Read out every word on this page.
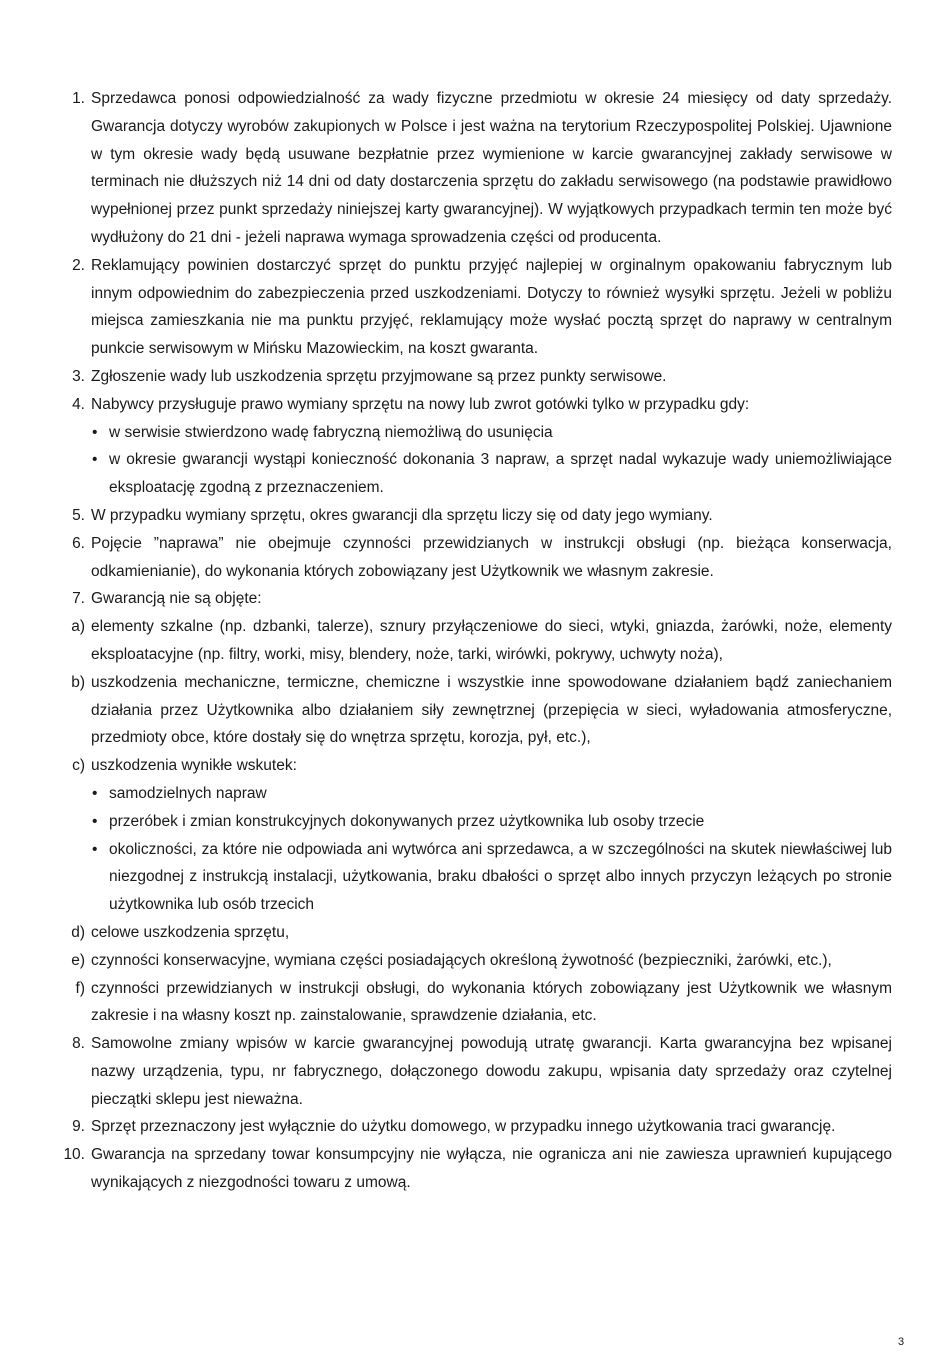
1. Sprzedawca ponosi odpowiedzialność za wady fizyczne przedmiotu w okresie 24 miesięcy od daty sprzedaży. Gwarancja dotyczy wyrobów zakupionych w Polsce i jest ważna na terytorium Rzeczypospolitej Polskiej. Ujawnione w tym okresie wady będą usuwane bezpłatnie przez wymienione w karcie gwarancyjnej zakłady serwisowe w terminach nie dłuższych niż 14 dni od daty dostarczenia sprzętu do zakładu serwisowego (na podstawie prawidłowo wypełnionej przez punkt sprzedaży niniejszej karty gwarancyjnej). W wyjątkowych przypadkach termin ten może być wydłużony do 21 dni - jeżeli naprawa wymaga sprowadzenia części od producenta.
2. Reklamujący powinien dostarczyć sprzęt do punktu przyjęć najlepiej w orginalnym opakowaniu fabrycznym lub innym odpowiednim do zabezpieczenia przed uszkodzeniami. Dotyczy to również wysyłki sprzętu. Jeżeli w pobliżu miejsca zamieszkania nie ma punktu przyjęć, reklamujący może wysłać pocztą sprzęt do naprawy w centralnym punkcie serwisowym w Mińsku Mazowieckim, na koszt gwaranta.
3. Zgłoszenie wady lub uszkodzenia sprzętu przyjmowane są przez punkty serwisowe.
4. Nabywcy przysługuje prawo wymiany sprzętu na nowy lub zwrot gotówki tylko w przypadku gdy:
• w serwisie stwierdzono wadę fabryczną niemożliwą do usunięcia
• w okresie gwarancji wystąpi konieczność dokonania 3 napraw, a sprzęt nadal wykazuje wady uniemożliwiające eksploatację zgodną z przeznaczeniem.
5. W przypadku wymiany sprzętu, okres gwarancji dla sprzętu liczy się od daty jego wymiany.
6. Pojęcie ”naprawa” nie obejmuje czynności przewidzianych w instrukcji obsługi (np. bieżąca konserwacja, odkamienianie), do wykonania których zobowiązany jest Użytkownik we własnym zakresie.
7. Gwarancją nie są objęte:
a) elementy szkalne (np. dzbanki, talerze), sznury przyłączeniowe do sieci, wtyki, gniazda, żarówki, noże, elementy eksploatacyjne (np. filtry, worki, misy, blendery, noże, tarki, wirówki, pokrywy, uchwyty noża),
b) uszkodzenia mechaniczne, termiczne, chemiczne i wszystkie inne spowodowane działaniem bądź zaniechaniem działania przez Użytkownika albo działaniem siły zewnętrznej (przepięcia w sieci, wyładowania atmosferyczne, przedmioty obce, które dostały się do wnętrza sprzętu, korozja, pył, etc.),
c) uszkodzenia wynikłe wskutek:
• samodzielnych napraw
• przeróbek i zmian konstrukcyjnych dokonywanych przez użytkownika lub osoby trzecie
• okoliczności, za które nie odpowiada ani wytwórca ani sprzedawca, a w szczególności na skutek niewłaściwej lub niezgodnej z instrukcją instalacji, użytkowania, braku dbałości o sprzęt albo innych przyczyn leżących po stronie użytkownika lub osób trzecich
d) celowe uszkodzenia sprzętu,
e) czynności konserwacyjne, wymiana części posiadających określoną żywotność (bezpieczniki, żarówki, etc.),
f) czynności przewidzianych w instrukcji obsługi, do wykonania których zobowiązany jest Użytkownik we własnym zakresie i na własny koszt np. zainstalowanie, sprawdzenie działania, etc.
8. Samowolne zmiany wpisów w karcie gwarancyjnej powodują utratę gwarancji. Karta gwarancyjna bez wpisanej nazwy urządzenia, typu, nr fabrycznego, dołączonego dowodu zakupu, wpisania daty sprzedaży oraz czytelnej pieczątki sklepu jest nieważna.
9. Sprzęt przeznaczony jest wyłącznie do użytku domowego, w przypadku innego użytkowania traci gwarancję.
10. Gwarancja na sprzedany towar konsumpcyjny nie wyłącza, nie ogranicza ani nie zawiesza uprawnień kupującego wynikających z niezgodności towaru z umową.
3
